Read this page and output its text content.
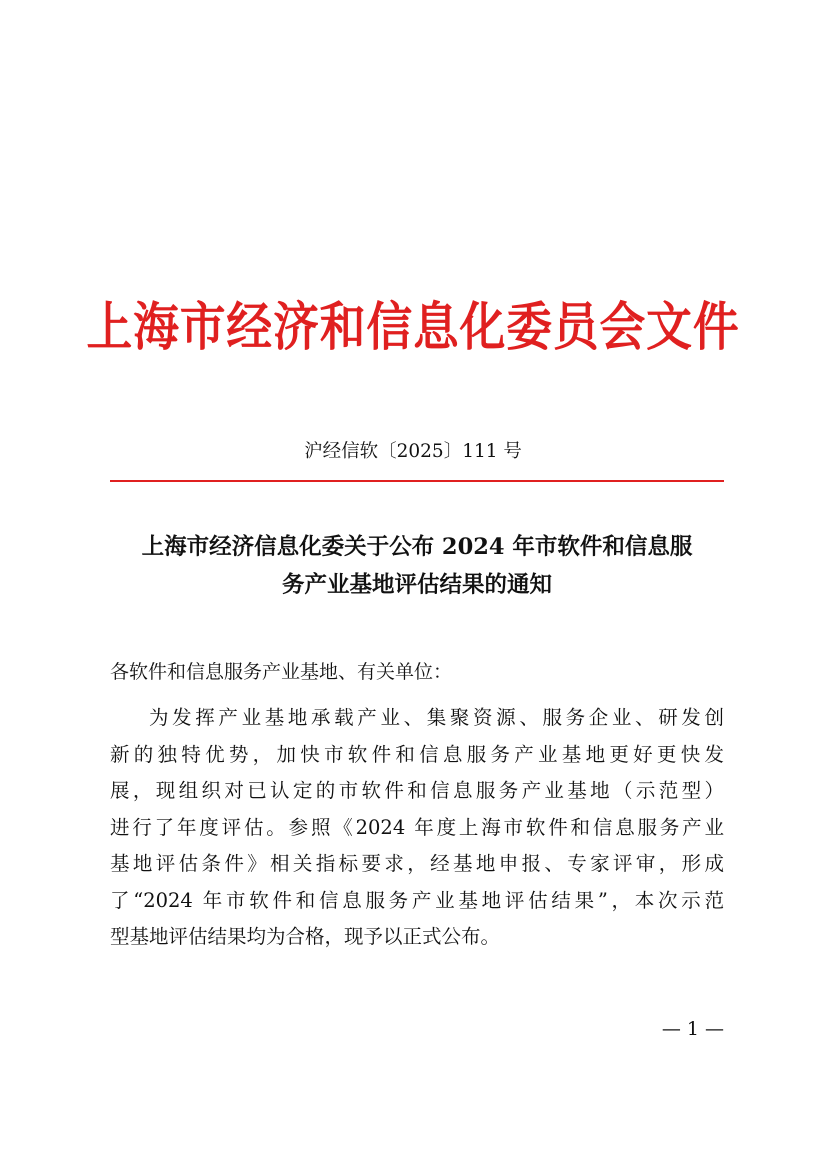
上海市经济和信息化委员会文件
沪经信软〔2025〕111 号
上海市经济信息化委关于公布 2024 年市软件和信息服
务产业基地评估结果的通知
各软件和信息服务产业基地、有关单位：
为发挥产业基地承载产业、集聚资源、服务企业、研发创
新的独特优势，加快市软件和信息服务产业基地更好更快发
展，现组织对已认定的市软件和信息服务产业基地（示范型）
进行了年度评估。参照《2024 年度上海市软件和信息服务产业
基地评估条件》相关指标要求，经基地申报、专家评审，形成
了“2024 年市软件和信息服务产业基地评估结果”，本次示范
型基地评估结果均为合格，现予以正式公布。
— 1 —
